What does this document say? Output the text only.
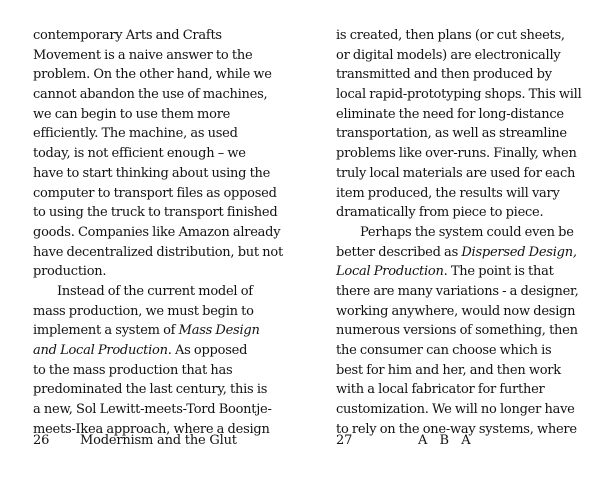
contemporary Arts and Crafts
Movement is a naive answer to the
problem. On the other hand, while we
cannot abandon the use of machines,
we can begin to use them more
efficiently. The machine, as used
today, is not efficient enough – we
have to start thinking about using the
computer to transport files as opposed
to using the truck to transport finished
goods. Companies like Amazon already
have decentralized distribution, but not
production.
Instead of the current model of
mass production, we must begin to
implement a system of Mass Design
and Local Production. As opposed
to the mass production that has
predominated the last century, this is
a new, Sol Lewitt-meets-Tord Boontje-
meets-Ikea approach, where a design
26 Modernism and the Glut
is created, then plans (or cut sheets,
or digital models) are electronically
transmitted and then produced by
local rapid-prototyping shops. This will
eliminate the need for long-distance
transportation, as well as streamline
problems like over-runs. Finally, when
truly local materials are used for each
item produced, the results will vary
dramatically from piece to piece.
Perhaps the system could even be
better described as Dispersed Design,
Local Production. The point is that
there are many variations - a designer,
working anywhere, would now design
numerous versions of something, then
the consumer can choose which is
best for him and her, and then work
with a local fabricator for further
customization. We will no longer have
to rely on the one-way systems, where
27	A B A
